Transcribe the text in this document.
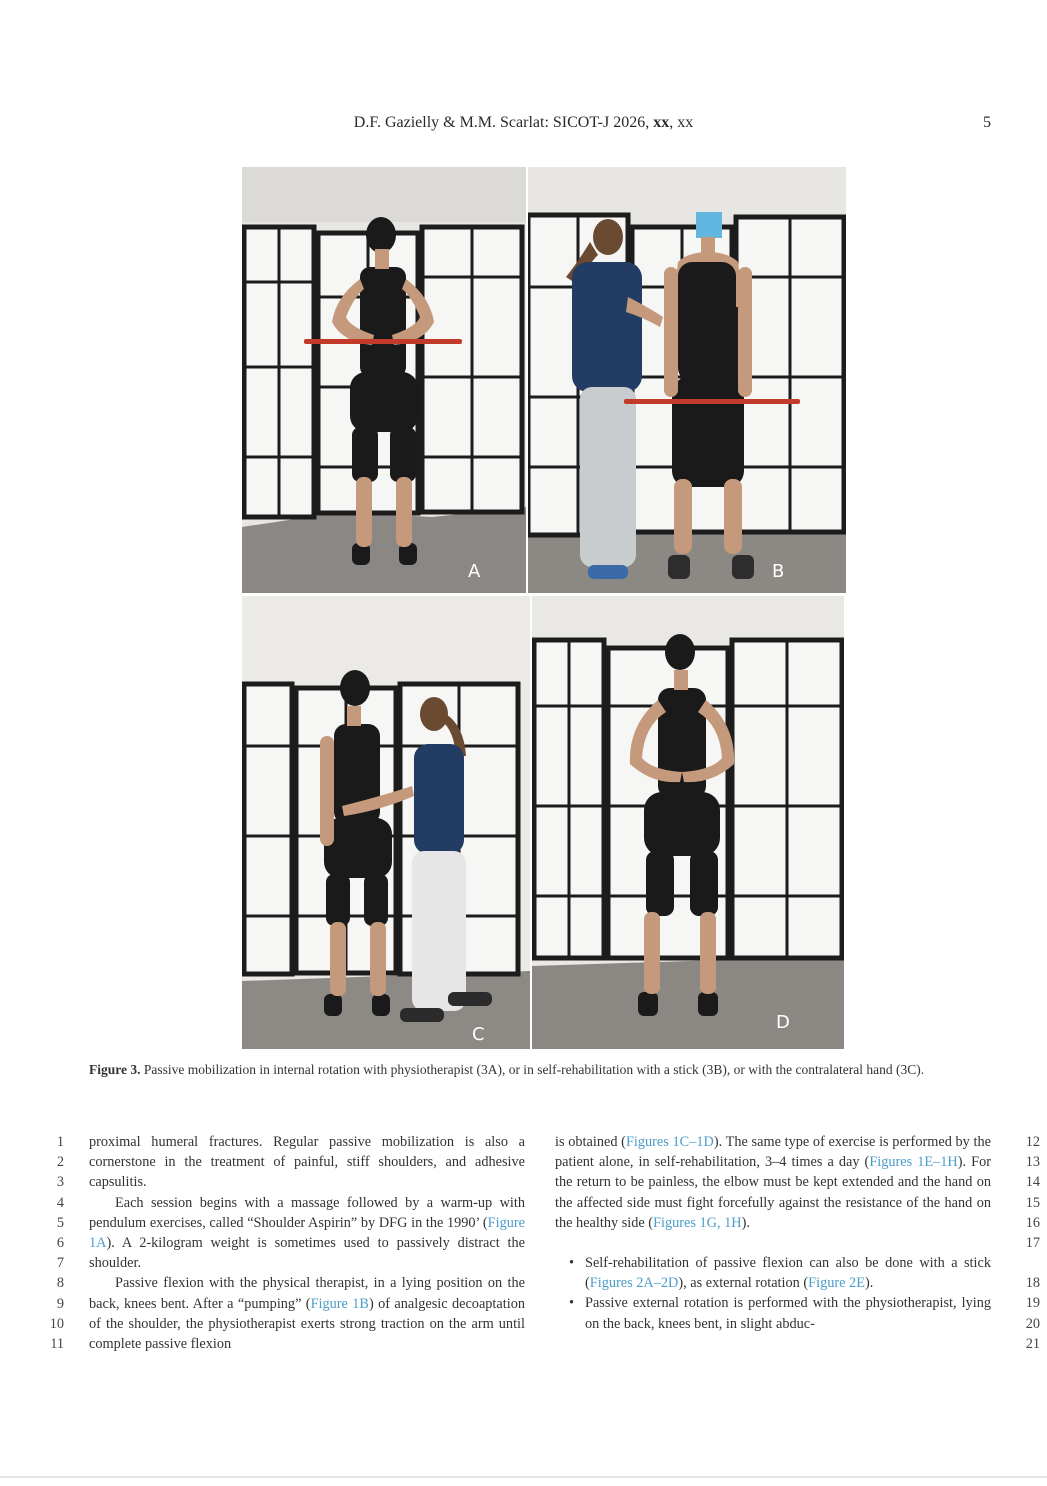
D.F. Gazielly & M.M. Scarlat: SICOT-J 2026, xx, xx	5
A	B
C
D
Figure 3. Passive mobilization in internal rotation with physiotherapist (3A), or in self-rehabilitation with a stick (3B), or with the contralateral hand (3C).
1
2
3
4
5
6
7
8
9
10
11

proximal humeral fractures. Regular passive mobilization is also a cornerstone in the treatment of painful, stiff shoulders, and adhesive capsulitis.

Each session begins with a massage followed by a warm-up with pendulum exercises, called “Shoulder Aspirin” by DFG in the 1990’ (Figure 1A). A 2-kilogram weight is sometimes used to passively distract the shoulder.

Passive flexion with the physical therapist, in a lying position on the back, knees bent. After a “pumping” (Figure 1B) of analgesic decoaptation of the shoulder, the physiotherapist exerts strong traction on the arm until complete passive flexion

is obtained (Figures 1C–1D). The same type of exercise is performed by the patient alone, in self-rehabilitation, 3–4 times a day (Figures 1E–1H). For the return to be painless, the elbow must be kept extended and the hand on the affected side must fight forcefully against the resistance of the hand on the healthy side (Figures 1G, 1H).

• Self-rehabilitation of passive flexion can also be done with a stick (Figures 2A–2D), as external rotation (Figure 2E).
• Passive external rotation is performed with the physiotherapist, lying on the back, knees bent, in slight abduc-
12
13
14
15
16
17
18
19
20
21
